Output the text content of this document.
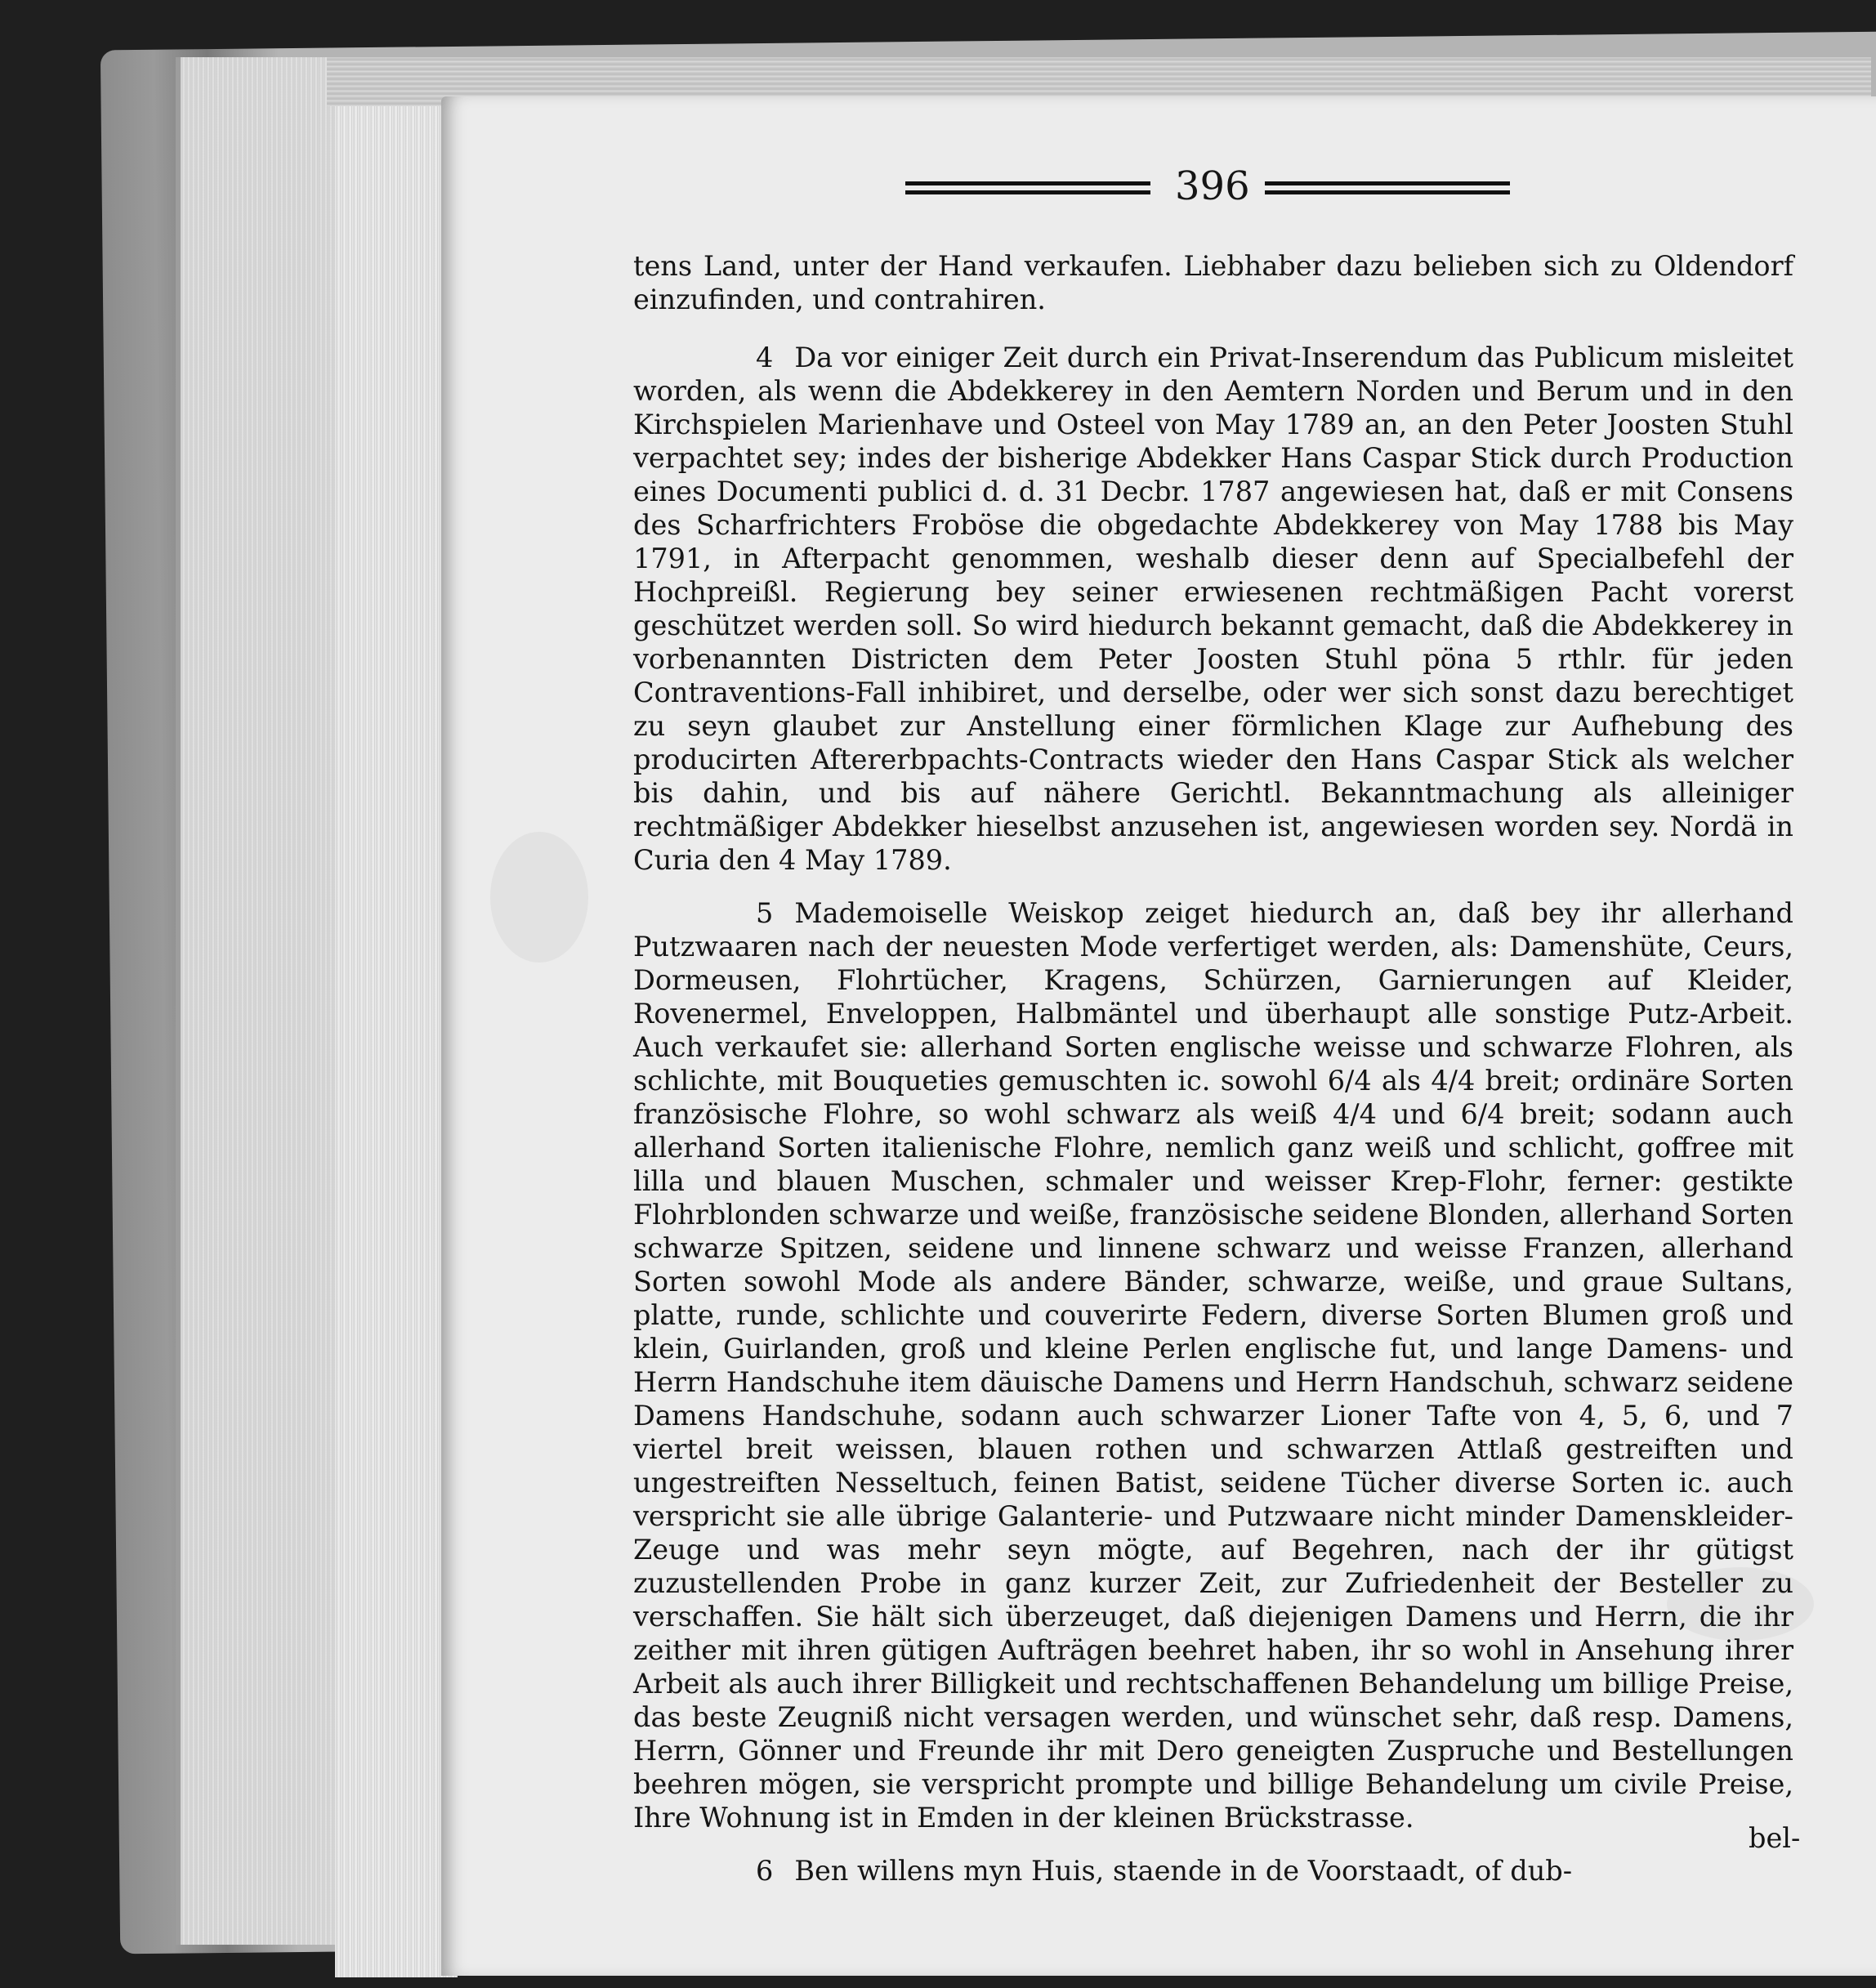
396

tens Land, unter der Hand verkaufen. Liebhaber dazu belieben sich zu Oldendorf einzufinden, und contrahiren.

4 Da vor einiger Zeit durch ein Privat-Inserendum das Publicum misleitet worden, als wenn die Abdekkerey in den Aemtern Norden und Berum und in den Kirchspielen Marienhave und Osteel von May 1789 an, an den Peter Joosten Stuhl verpachtet sey; indes der bisherige Abdekker Hans Caspar Stick durch Production eines Documenti publici d. d. 31 Decbr. 1787 angewiesen hat, daß er mit Consens des Scharfrichters Froböse die obgedachte Abdekkerey von May 1788 bis May 1791, in Afterpacht genommen, weshalb dieser denn auf Specialbefehl der Hochpreißl. Regierung bey seiner erwiesenen rechtmäßigen Pacht vorerst geschützet werden soll. So wird hiedurch bekannt gemacht, daß die Abdekkerey in vorbenannten Districten dem Peter Joosten Stuhl pöna 5 rthlr. für jeden Contraventions-Fall inhibiret, und derselbe, oder wer sich sonst dazu berechtiget zu seyn glaubet zur Anstellung einer förmlichen Klage zur Aufhebung des producirten Aftererbpachts-Contracts wieder den Hans Caspar Stick als welcher bis dahin, und bis auf nähere Gerichtl. Bekanntmachung als alleiniger rechtmäßiger Abdekker hieselbst anzusehen ist, angewiesen worden sey. Nordä in Curia den 4 May 1789.

5 Mademoiselle Weiskop zeiget hiedurch an, daß bey ihr allerhand Putzwaaren nach der neuesten Mode verfertiget werden, als: Damenshüte, Ceurs, Dormeusen, Flohrtücher, Kragens, Schürzen, Garnierungen auf Kleider, Rovenermel, Enveloppen, Halbmäntel und überhaupt alle sonstige Putz-Arbeit. Auch verkaufet sie: allerhand Sorten englische weisse und schwarze Flohren, als schlichte, mit Bouqueties gemuschten ic. sowohl 6/4 als 4/4 breit; ordinäre Sorten französische Flohre, so wohl schwarz als weiß 4/4 und 6/4 breit; sodann auch allerhand Sorten italienische Flohre, nemlich ganz weiß und schlicht, goffree mit lilla und blauen Muschen, schmaler und weisser Krep-Flohr, ferner: gestikte Flohrblonden schwarze und weiße, französische seidene Blonden, allerhand Sorten schwarze Spitzen, seidene und linnene schwarz und weisse Franzen, allerhand Sorten sowohl Mode als andere Bänder, schwarze, weiße, und graue Sultans, platte, runde, schlichte und couverirte Federn, diverse Sorten Blumen groß und klein, Guirlanden, groß und kleine Perlen englische fut, und lange Damens- und Herrn Handschuhe item däuische Damens und Herrn Handschuh, schwarz seidene Damens Handschuhe, sodann auch schwarzer Lioner Tafte von 4, 5, 6, und 7 viertel breit weissen, blauen rothen und schwarzen Attlaß gestreiften und ungestreiften Nesseltuch, feinen Batist, seidene Tücher diverse Sorten ic. auch verspricht sie alle übrige Galanterie- und Putzwaare nicht minder Damenskleider-Zeuge und was mehr seyn mögte, auf Begehren, nach der ihr gütigst zuzustellenden Probe in ganz kurzer Zeit, zur Zufriedenheit der Besteller zu verschaffen. Sie hält sich überzeuget, daß diejenigen Damens und Herrn, die ihr zeither mit ihren gütigen Aufträgen beehret haben, ihr so wohl in Ansehung ihrer Arbeit als auch ihrer Billigkeit und rechtschaffenen Behandelung um billige Preise, das beste Zeugniß nicht versagen werden, und wünschet sehr, daß resp. Damens, Herrn, Gönner und Freunde ihr mit Dero geneigten Zuspruche und Bestellungen beehren mögen, sie verspricht prompte und billige Behandelung um civile Preise, Ihre Wohnung ist in Emden in der kleinen Brückstrasse.

6 Ben willens myn Huis, staende in de Voorstaadt, of dub-

bel-
